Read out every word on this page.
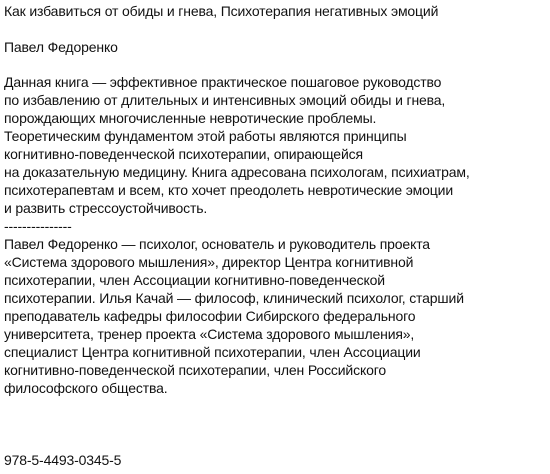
Как избавиться от обиды и гнева, Психотерапия негативных эмоций
Павел Федоренко
Данная книга — эффективное практическое пошаговое руководство
по избавлению от длительных и интенсивных эмоций обиды и гнева,
порождающих многочисленные невротические проблемы.
Теоретическим фундаментом этой работы являются принципы
когнитивно-поведенческой психотерапии, опирающейся
на доказательную медицину. Книга адресована психологам, психиатрам,
психотерапевтам и всем, кто хочет преодолеть невротические эмоции
и развить стрессоустойчивость.
---------------
Павел Федоренко — психолог, основатель и руководитель проекта
«Система здорового мышления», директор Центра когнитивной
психотерапии, член Ассоциации когнитивно-поведенческой
психотерапии. Илья Качай — философ, клинический психолог, старший
преподаватель кафедры философии Сибирского федерального
университета, тренер проекта «Система здорового мышления»,
специалист Центра когнитивной психотерапии, член Ассоциации
когнитивно-поведенческой психотерапии, член Российского
философского общества.
978-5-4493-0345-5
